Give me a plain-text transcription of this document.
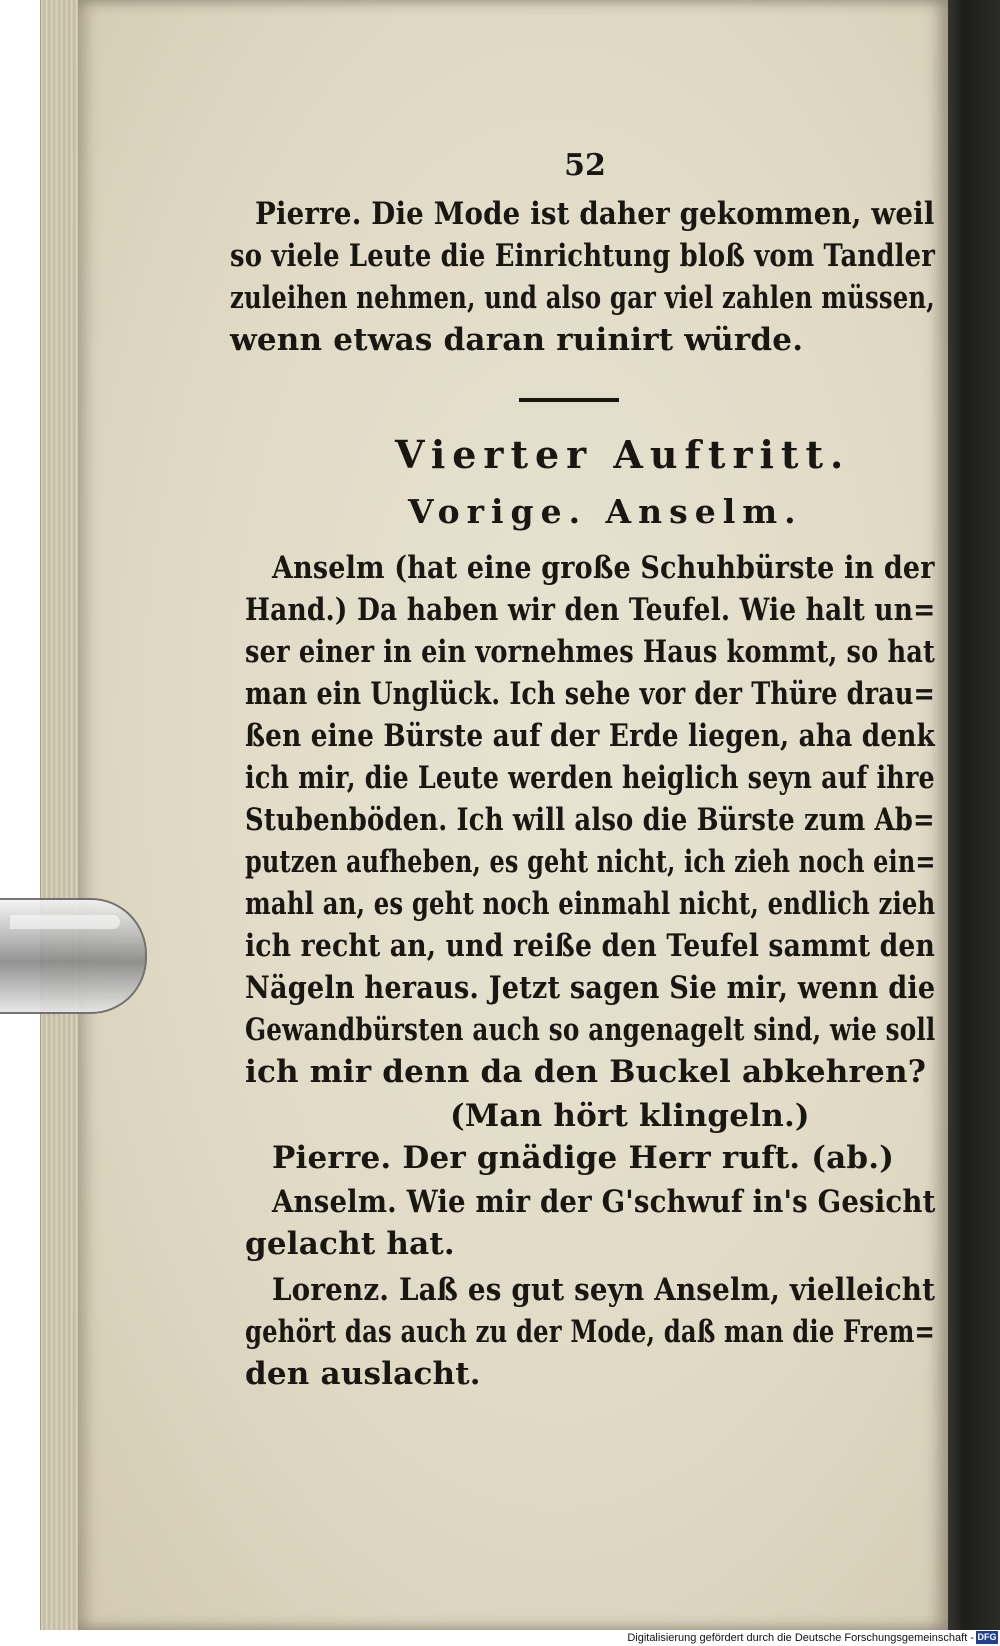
52
Pierre. Die Mode ist daher gekommen, weil
so viele Leute die Einrichtung bloß vom Tandler
zuleihen nehmen, und also gar viel zahlen müssen,
wenn etwas daran ruinirt würde.
Vierter Auftritt.
Vorige. Anselm.
Anselm (hat eine große Schuhbürste in der
Hand.) Da haben wir den Teufel. Wie halt un=
ser einer in ein vornehmes Haus kommt, so hat
man ein Unglück. Ich sehe vor der Thüre drau=
ßen eine Bürste auf der Erde liegen, aha denk
ich mir, die Leute werden heiglich seyn auf ihre
Stubenböden. Ich will also die Bürste zum Ab=
putzen aufheben, es geht nicht, ich zieh noch ein=
mahl an, es geht noch einmahl nicht, endlich zieh
ich recht an, und reiße den Teufel sammt den
Nägeln heraus. Jetzt sagen Sie mir, wenn die
Gewandbürsten auch so angenagelt sind, wie soll
ich mir denn da den Buckel abkehren?
(Man hört klingeln.)
Pierre. Der gnädige Herr ruft. (ab.)
Anselm. Wie mir der G'schwuf in's Gesicht
gelacht hat.
Lorenz. Laß es gut seyn Anselm, vielleicht
gehört das auch zu der Mode, daß man die Frem=
den auslacht.
Digitalisierung gefördert durch die Deutsche Forschungsgemeinschaft - DFG
